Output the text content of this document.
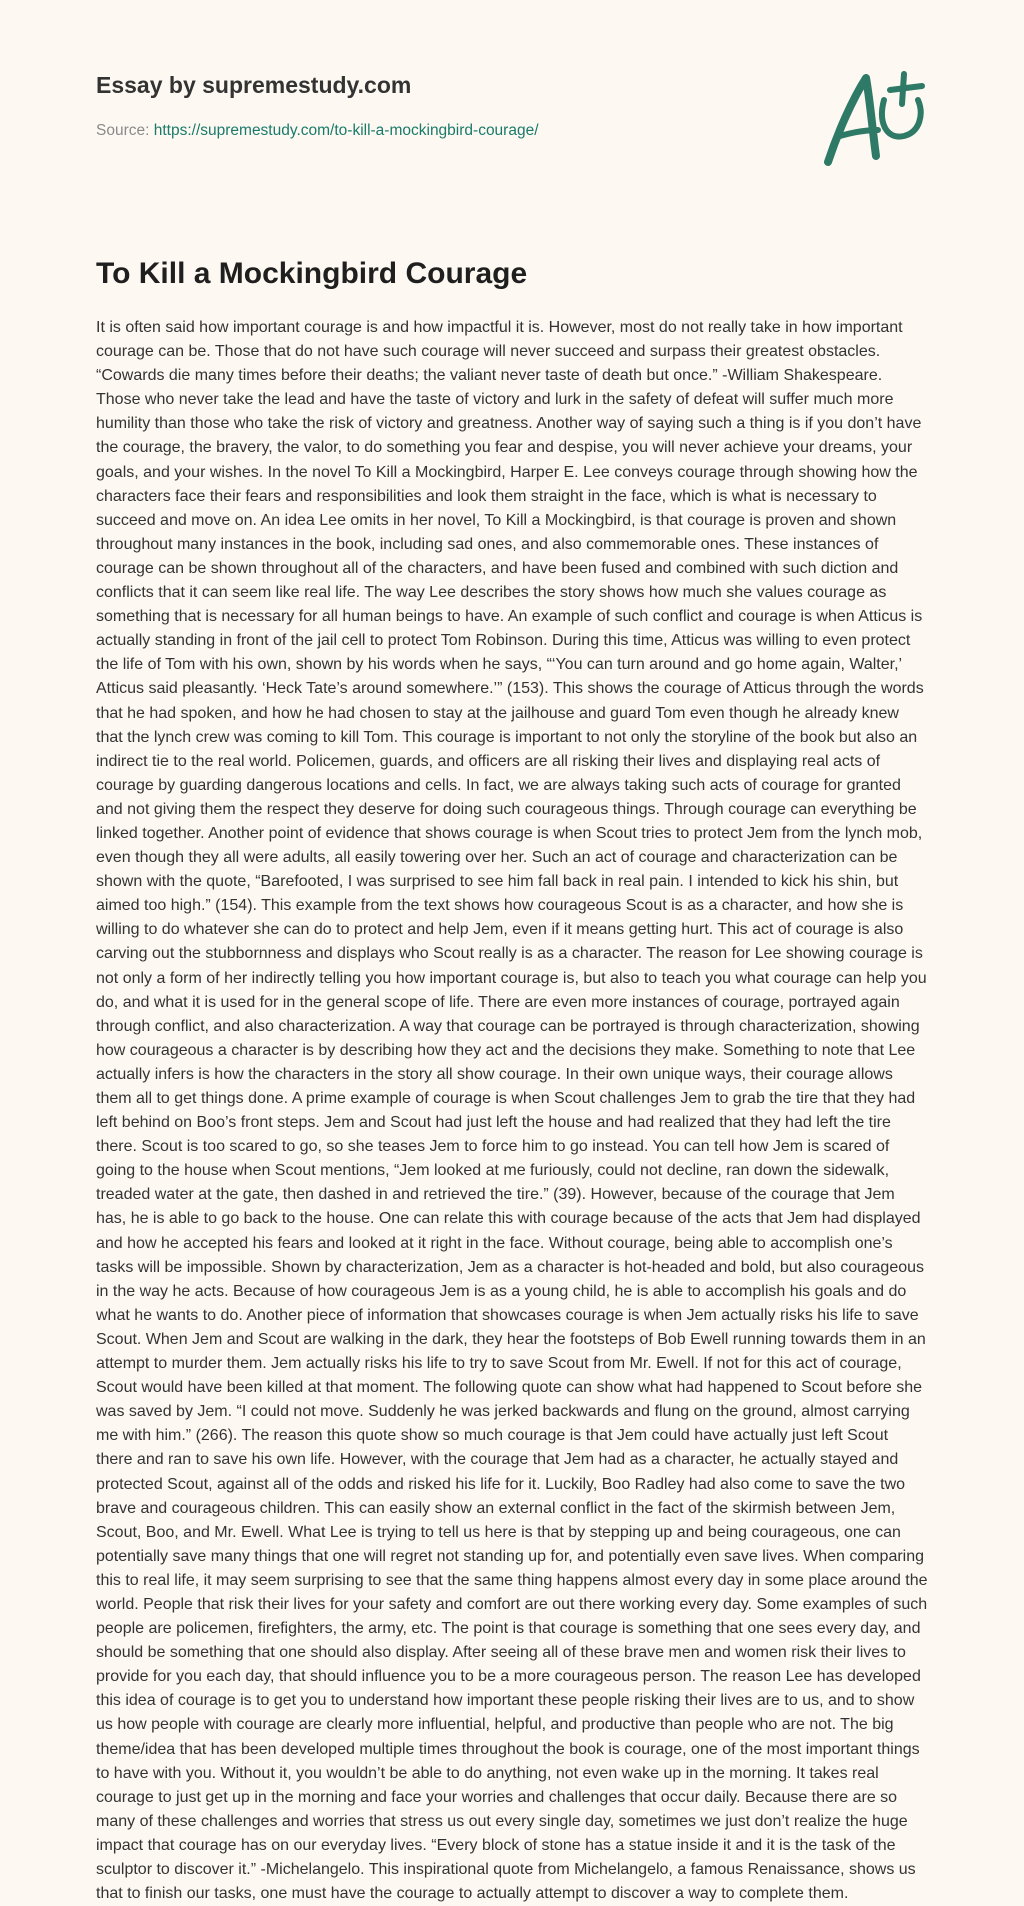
Essay by supremestudy.com
Source: https://supremestudy.com/to-kill-a-mockingbird-courage/
To Kill a Mockingbird Courage

It is often said how important courage is and how impactful it is. However, most do not really take in how important courage can be. Those that do not have such courage will never succeed and surpass their greatest obstacles. “Cowards die many times before their deaths; the valiant never taste of death but once.” -William Shakespeare. Those who never take the lead and have the taste of victory and lurk in the safety of defeat will suffer much more humility than those who take the risk of victory and greatness. Another way of saying such a thing is if you don’t have the courage, the bravery, the valor, to do something you fear and despise, you will never achieve your dreams, your goals, and your wishes. In the novel To Kill a Mockingbird, Harper E. Lee conveys courage through showing how the characters face their fears and responsibilities and look them straight in the face, which is what is necessary to succeed and move on. An idea Lee omits in her novel, To Kill a Mockingbird, is that courage is proven and shown throughout many instances in the book, including sad ones, and also commemorable ones. These instances of courage can be shown throughout all of the characters, and have been fused and combined with such diction and conflicts that it can seem like real life. The way Lee describes the story shows how much she values courage as something that is necessary for all human beings to have. An example of such conflict and courage is when Atticus is actually standing in front of the jail cell to protect Tom Robinson. During this time, Atticus was willing to even protect the life of Tom with his own, shown by his words when he says, “‘You can turn around and go home again, Walter,’ Atticus said pleasantly. ‘Heck Tate’s around somewhere.’” (153). This shows the courage of Atticus through the words that he had spoken, and how he had chosen to stay at the jailhouse and guard Tom even though he already knew that the lynch crew was coming to kill Tom. This courage is important to not only the storyline of the book but also an indirect tie to the real world. Policemen, guards, and officers are all risking their lives and displaying real acts of courage by guarding dangerous locations and cells. In fact, we are always taking such acts of courage for granted and not giving them the respect they deserve for doing such courageous things. Through courage can everything be linked together. Another point of evidence that shows courage is when Scout tries to protect Jem from the lynch mob, even though they all were adults, all easily towering over her. Such an act of courage and characterization can be shown with the quote, “Barefooted, I was surprised to see him fall back in real pain. I intended to kick his shin, but aimed too high.” (154). This example from the text shows how courageous Scout is as a character, and how she is willing to do whatever she can do to protect and help Jem, even if it means getting hurt. This act of courage is also carving out the stubbornness and displays who Scout really is as a character. The reason for Lee showing courage is not only a form of her indirectly telling you how important courage is, but also to teach you what courage can help you do, and what it is used for in the general scope of life. There are even more instances of courage, portrayed again through conflict, and also characterization. A way that courage can be portrayed is through characterization, showing how courageous a character is by describing how they act and the decisions they make. Something to note that Lee actually infers is how the characters in the story all show courage. In their own unique ways, their courage allows them all to get things done. A prime example of courage is when Scout challenges Jem to grab the tire that they had left behind on Boo’s front steps. Jem and Scout had just left the house and had realized that they had left the tire there. Scout is too scared to go, so she teases Jem to force him to go instead. You can tell how Jem is scared of going to the house when Scout mentions, “Jem looked at me furiously, could not decline, ran down the sidewalk, treaded water at the gate, then dashed in and retrieved the tire.” (39). However, because of the courage that Jem has, he is able to go back to the house. One can relate this with courage because of the acts that Jem had displayed and how he accepted his fears and looked at it right in the face. Without courage, being able to accomplish one’s tasks will be impossible. Shown by characterization, Jem as a character is hot-headed and bold, but also courageous in the way he acts. Because of how courageous Jem is as a young child, he is able to accomplish his goals and do what he wants to do. Another piece of information that showcases courage is when Jem actually risks his life to save Scout. When Jem and Scout are walking in the dark, they hear the footsteps of Bob Ewell running towards them in an attempt to murder them. Jem actually risks his life to try to save Scout from Mr. Ewell. If not for this act of courage, Scout would have been killed at that moment. The following quote can show what had happened to Scout before she was saved by Jem. “I could not move. Suddenly he was jerked backwards and flung on the ground, almost carrying me with him.” (266). The reason this quote show so much courage is that Jem could have actually just left Scout there and ran to save his own life. However, with the courage that Jem had as a character, he actually stayed and protected Scout, against all of the odds and risked his life for it. Luckily, Boo Radley had also come to save the two brave and courageous children. This can easily show an external conflict in the fact of the skirmish between Jem, Scout, Boo, and Mr. Ewell. What Lee is trying to tell us here is that by stepping up and being courageous, one can potentially save many things that one will regret not standing up for, and potentially even save lives. When comparing this to real life, it may seem surprising to see that the same thing happens almost every day in some place around the world. People that risk their lives for your safety and comfort are out there working every day. Some examples of such people are policemen, firefighters, the army, etc. The point is that courage is something that one sees every day, and should be something that one should also display. After seeing all of these brave men and women risk their lives to provide for you each day, that should influence you to be a more courageous person. The reason Lee has developed this idea of courage is to get you to understand how important these people risking their lives are to us, and to show us how people with courage are clearly more influential, helpful, and productive than people who are not. The big theme/idea that has been developed multiple times throughout the book is courage, one of the most important things to have with you. Without it, you wouldn’t be able to do anything, not even wake up in the morning. It takes real courage to just get up in the morning and face your worries and challenges that occur daily. Because there are so many of these challenges and worries that stress us out every single day, sometimes we just don’t realize the huge impact that courage has on our everyday lives. “Every block of stone has a statue inside it and it is the task of the sculptor to discover it.” -Michelangelo. This inspirational quote from Michelangelo, a famous Renaissance, shows us that to finish our tasks, one must have the courage to actually attempt to discover a way to complete them.
